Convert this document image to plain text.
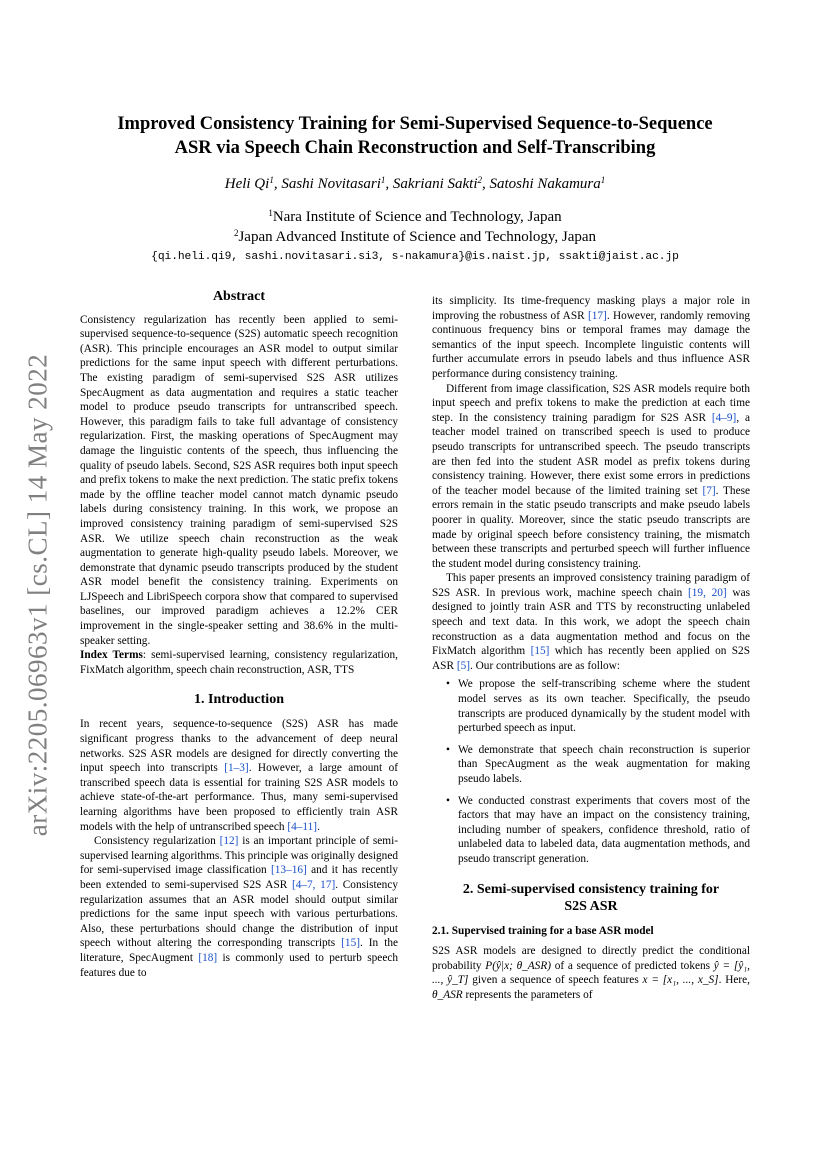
arXiv:2205.06963v1 [cs.CL] 14 May 2022
Improved Consistency Training for Semi-Supervised Sequence-to-Sequence
ASR via Speech Chain Reconstruction and Self-Transcribing
Heli Qi$^1$, Sashi Novitasari$^1$, Sakriani Sakti$^2$, Satoshi Nakamura$^1$
$^1$Nara Institute of Science and Technology, Japan
$^2$Japan Advanced Institute of Science and Technology, Japan
{qi.heli.qi9, sashi.novitasari.si3, s-nakamura}@is.naist.jp, ssakti@jaist.ac.jp
Abstract

Consistency regularization has recently been applied to semi-supervised sequence-to-sequence (S2S) automatic speech recognition (ASR). This principle encourages an ASR model to output similar predictions for the same input speech with different perturbations. The existing paradigm of semi-supervised S2S ASR utilizes SpecAugment as data augmentation and requires a static teacher model to produce pseudo transcripts for untranscribed speech. However, this paradigm fails to take full advantage of consistency regularization. First, the masking operations of SpecAugment may damage the linguistic contents of the speech, thus influencing the quality of pseudo labels. Second, S2S ASR requires both input speech and prefix tokens to make the next prediction. The static prefix tokens made by the offline teacher model cannot match dynamic pseudo labels during consistency training. In this work, we propose an improved consistency training paradigm of semi-supervised S2S ASR. We utilize speech chain reconstruction as the weak augmentation to generate high-quality pseudo labels. Moreover, we demonstrate that dynamic pseudo transcripts produced by the student ASR model benefit the consistency training. Experiments on LJSpeech and LibriSpeech corpora show that compared to supervised baselines, our improved paradigm achieves a 12.2% CER improvement in the single-speaker setting and 38.6% in the multi-speaker setting.

Index Terms: semi-supervised learning, consistency regularization, FixMatch algorithm, speech chain reconstruction, ASR, TTS

1. Introduction

In recent years, sequence-to-sequence (S2S) ASR has made significant progress thanks to the advancement of deep neural networks. S2S ASR models are designed for directly converting the input speech into transcripts [1–3]. However, a large amount of transcribed speech data is essential for training S2S ASR models to achieve state-of-the-art performance. Thus, many semi-supervised learning algorithms have been proposed to efficiently train ASR models with the help of untranscribed speech [4–11].

Consistency regularization [12] is an important principle of semi-supervised learning algorithms. This principle was originally designed for semi-supervised image classification [13–16] and it has recently been extended to semi-supervised S2S ASR [4–7, 17]. Consistency regularization assumes that an ASR model should output similar predictions for the same input speech with various perturbations. Also, these perturbations should change the distribution of input speech without altering the corresponding transcripts [15]. In the literature, SpecAugment [18] is commonly used to perturb speech features due to

its simplicity. Its time-frequency masking plays a major role in improving the robustness of ASR [17]. However, randomly removing continuous frequency bins or temporal frames may damage the semantics of the input speech. Incomplete linguistic contents will further accumulate errors in pseudo labels and thus influence ASR performance during consistency training.

Different from image classification, S2S ASR models require both input speech and prefix tokens to make the prediction at each time step. In the consistency training paradigm for S2S ASR [4–9], a teacher model trained on transcribed speech is used to produce pseudo transcripts for untranscribed speech. The pseudo transcripts are then fed into the student ASR model as prefix tokens during consistency training. However, there exist some errors in predictions of the teacher model because of the limited training set [7]. These errors remain in the static pseudo transcripts and make pseudo labels poorer in quality. Moreover, since the static pseudo transcripts are made by original speech before consistency training, the mismatch between these transcripts and perturbed speech will further influence the student model during consistency training.

This paper presents an improved consistency training paradigm of S2S ASR. In previous work, machine speech chain [19, 20] was designed to jointly train ASR and TTS by reconstructing unlabeled speech and text data. In this work, we adopt the speech chain reconstruction as a data augmentation method and focus on the FixMatch algorithm [15] which has recently been applied on S2S ASR [5]. Our contributions are as follow:

• We propose the self-transcribing scheme where the student model serves as its own teacher. Specifically, the pseudo transcripts are produced dynamically by the student model with perturbed speech as input.
• We demonstrate that speech chain reconstruction is superior than SpecAugment as the weak augmentation for making pseudo labels.
• We conducted constrast experiments that covers most of the factors that may have an impact on the consistency training, including number of speakers, confidence threshold, ratio of unlabeled data to labeled data, data augmentation methods, and pseudo transcript generation.
2. Semi-supervised consistency training for
S2S ASR
2.1. Supervised training for a base ASR model

S2S ASR models are designed to directly predict the conditional probability P(ŷ|x; θ_ASR) of a sequence of predicted tokens ŷ = [ŷ₁, ..., ŷ_T] given a sequence of speech features x = [x₁, ..., x_S]. Here, θ_ASR represents the parameters of
